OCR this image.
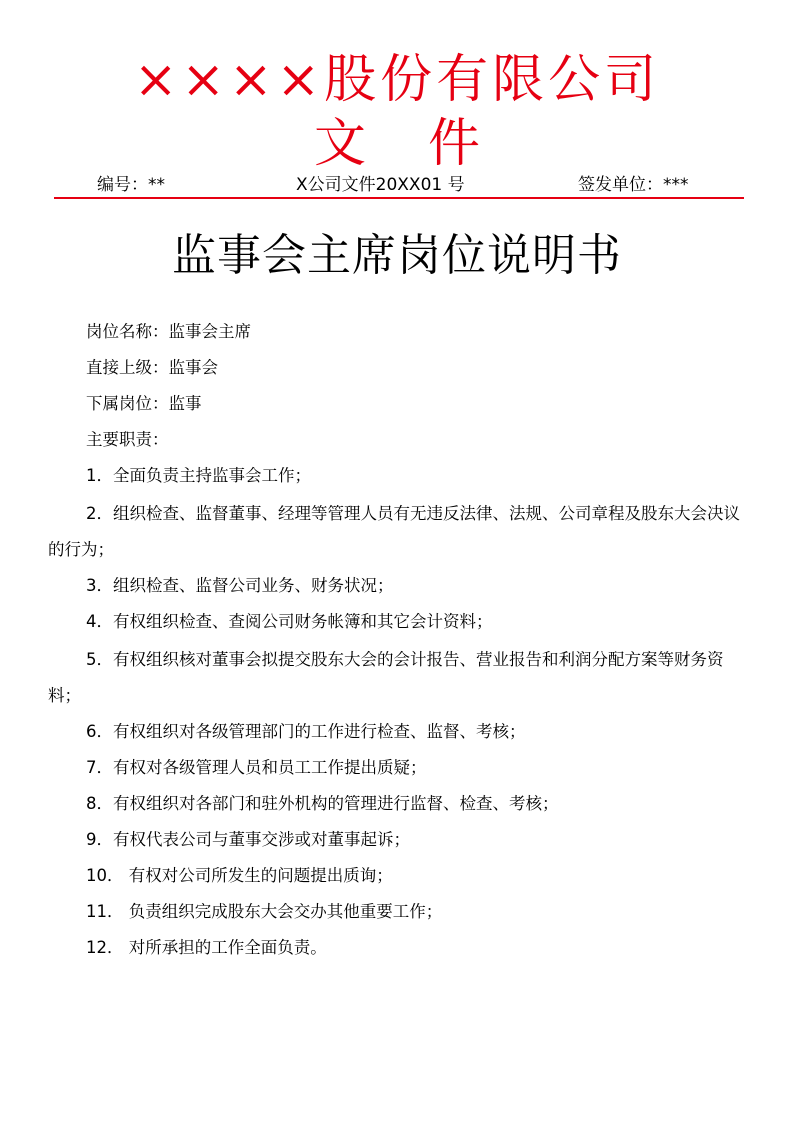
××××股份有限公司
文 件
编号：**	X公司文件20XX01 号	签发单位：***
监事会主席岗位说明书
岗位名称：监事会主席
直接上级：监事会
下属岗位：监事
主要职责：
1．全面负责主持监事会工作；
2．组织检查、监督董事、经理等管理人员有无违反法律、法规、公司章程及股东大会决议的行为；
3．组织检查、监督公司业务、财务状况；
4．有权组织检查、查阅公司财务帐簿和其它会计资料；
5．有权组织核对董事会拟提交股东大会的会计报告、营业报告和利润分配方案等财务资料；
6．有权组织对各级管理部门的工作进行检查、监督、考核；
7．有权对各级管理人员和员工工作提出质疑；
8．有权组织对各部门和驻外机构的管理进行监督、检查、考核；
9．有权代表公司与董事交涉或对董事起诉；
10． 有权对公司所发生的问题提出质询；
11． 负责组织完成股东大会交办其他重要工作；
12． 对所承担的工作全面负责。
